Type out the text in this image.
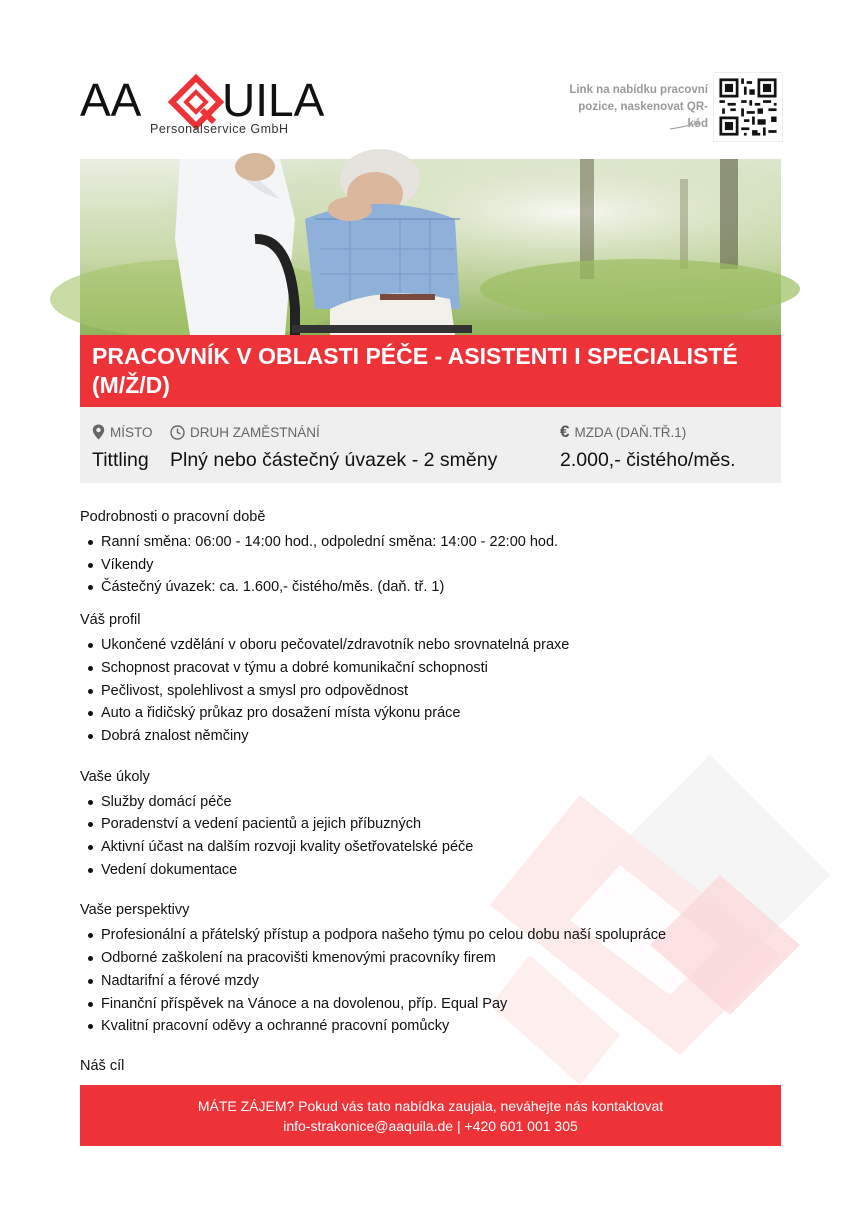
AA UILA
Personalservice GmbH
Link na nabídku pracovní pozice, naskenovat QR-kód
PRACOVNÍK V OBLASTI PÉČE - ASISTENTI I SPECIALISTÉ (M/Ž/D)
MÍSTO
Tittling
DRUH ZAMĚSTNÁNÍ
Plný nebo částečný úvazek - 2 směny
€ MZDA (DAŇ.TŘ.1)
2.000,- čistého/měs.
Podrobnosti o pracovní době
Ranní směna: 06:00 - 14:00 hod., odpolední směna: 14:00 - 22:00 hod.
Víkendy
Částečný úvazek: ca. 1.600,- čistého/měs. (daň. tř. 1)
Váš profil
Ukončené vzdělání v oboru pečovatel/zdravotník nebo srovnatelná praxe
Schopnost pracovat v týmu a dobré komunikační schopnosti
Pečlivost, spolehlivost a smysl pro odpovědnost
Auto a řidičský průkaz pro dosažení místa výkonu práce
Dobrá znalost němčiny
Vaše úkoly
Služby domácí péče
Poradenství a vedení pacientů a jejich příbuzných
Aktivní účast na dalším rozvoji kvality ošetřovatelské péče
Vedení dokumentace
Vaše perspektivy
Profesionální a přátelský přístup a podpora našeho týmu po celou dobu naší spolupráce
Odborné zaškolení na pracovišti kmenovými pracovníky firem
Nadtarifní a férové mzdy
Finanční příspěvek na Vánoce a na dovolenou, příp. Equal Pay
Kvalitní pracovní oděvy a ochranné pracovní pomůcky
Náš cíl
MÁTE ZÁJEM? Pokud vás tato nabídka zaujala, neváhejte nás kontaktovat
info-strakonice@aaquila.de | +420 601 001 305
